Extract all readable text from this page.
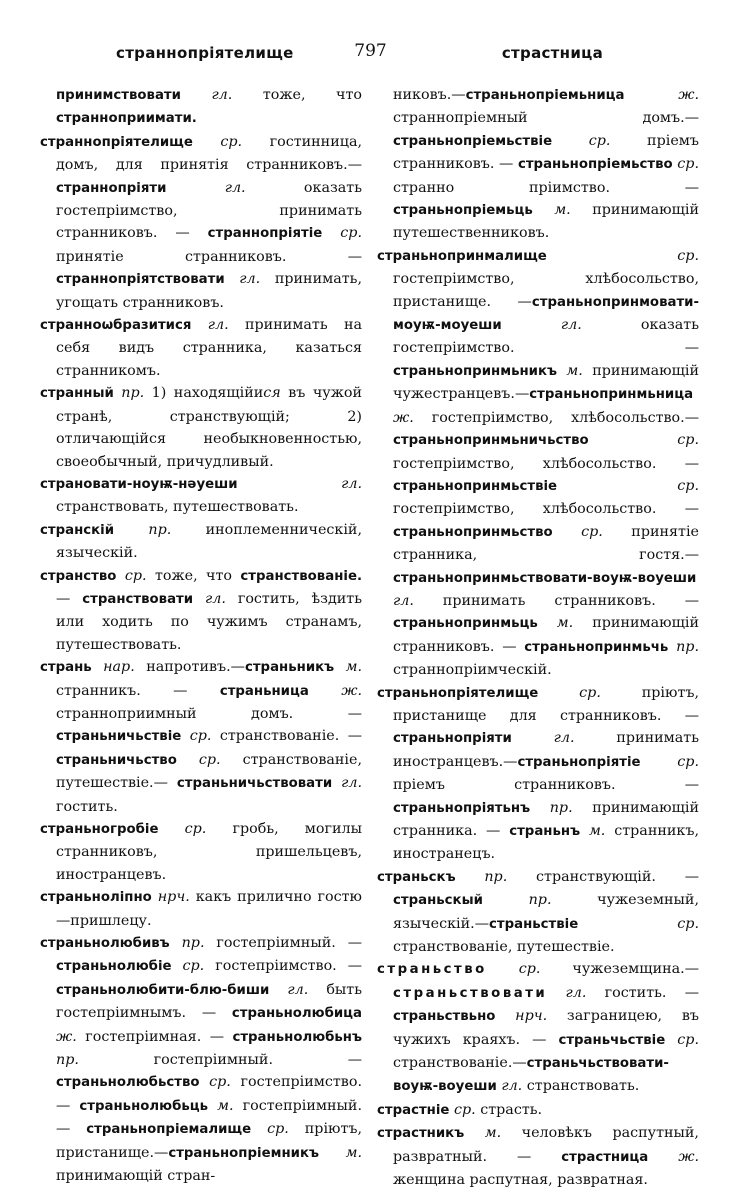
страннопріятелище	797	страстница

принимствовати гл. тоже, что странноприимати.

страннопріятелище ср. гостинница, домъ, для принятія странниковъ.— страннопріяти гл. оказать гостепріимство, принимать странниковъ. — страннопріятіе ср. принятіе странниковъ. — страннопріятствовати гл. принимать, угощать странниковъ.

странноѡбразитися гл. принимать на себя видъ странника, казаться странникомъ.

странный пр. 1) находящійися въ чужой странѣ, странствующій; 2) отличающійся необыкновенностью, своеобычный, причудливый.

страновати-ноуѭ-нǝуеши гл. странствовать, путешествовать.

странскій пр. иноплеменническій, языческій.

странство ср. тоже, что странствованіе. — странствовати гл. гостить, ѣздить или ходить по чужимъ странамъ, путешествовать.

странь нар. напротивъ.—страньникъ м. странникъ. — страньница ж. странноприимный домъ. — страньничьствіе ср. странствованіе. — страньничьство ср. странствованіе, путешествіе.— страньничьствовати гл. гостить.

страньногробіе ср. гробь, могилы странниковъ, пришельцевъ, иностранцевъ.

страньноліпно нрч. какъ прилично гостю—пришлецу.

страньнолюбивъ пр. гостепріимный. — страньнолюбіе ср. гостепріимство. — страньнолюбити-блю-биши гл. быть гостепріимнымъ. — страньнолюбица ж. гостепріимная. — страньнолюбьнъ пр. гостепріимный. —страньнолюбьство ср. гостепріимство. — страньнолюбьць м. гостепріимный.— страньнопріемалище ср. пріютъ, пристанище.—страньнопріемникъ м. принимающій стран-

никовъ.—страньнопріемьница ж. страннопріемный домъ.—страньнопріемьствіе ср. пріемъ странниковъ. — страньнопріемьство ср. странно пріимство. — страньнопріемьць м. принимающій путешественниковъ.

страньнопринмалище ср. гостепріимство, хлѣбосольство, пристанище. —страньнопринмовати-моуѭ-моуеши гл. оказать гостепріимство. — страньнопринмьникъ м. принимающій чужестранцевъ.—страньнопринмьница ж. гостепріимство, хлѣбосольство.—страньнопринмьничьство ср. гостепріимство, хлѣбосольство. — страньнопринмьствіе ср. гостепріимство, хлѣбосольство. — страньнопринмьство ср. принятіе странника, гостя.—страньнопринмьствовати-воуѭ-воуеши гл. принимать странниковъ. — страньнопринмьць м. принимающій странниковъ. — страньнопринмьчь пр. страннопріимческій.

страньнопріятелище ср. пріютъ, пристанище для странниковъ. — страньнопріяти гл. принимать иностранцевъ.—страньнопріятіе ср. пріемъ странниковъ. — страньнопріятьнъ пр. принимающій странника. — страньнъ м. странникъ, иностранецъ.

страньскъ пр. странствующій. — страньскый пр. чужеземный, языческій.—страньствіе ср. странствованіе, путешествіе.

страньство ср. чужеземщина.— страньствовати гл. гостить. — страньствьно нрч. заграницею, въ чужихъ краяхъ. — страньчьствіе ср. странствованіе.—страньчьствовати-воуѭ-воуеши гл. странствовать.

страстніе ср. страсть.

страстникъ м. человѣкъ распутный, развратный. — страстница ж. женщина распутная, развратная.
